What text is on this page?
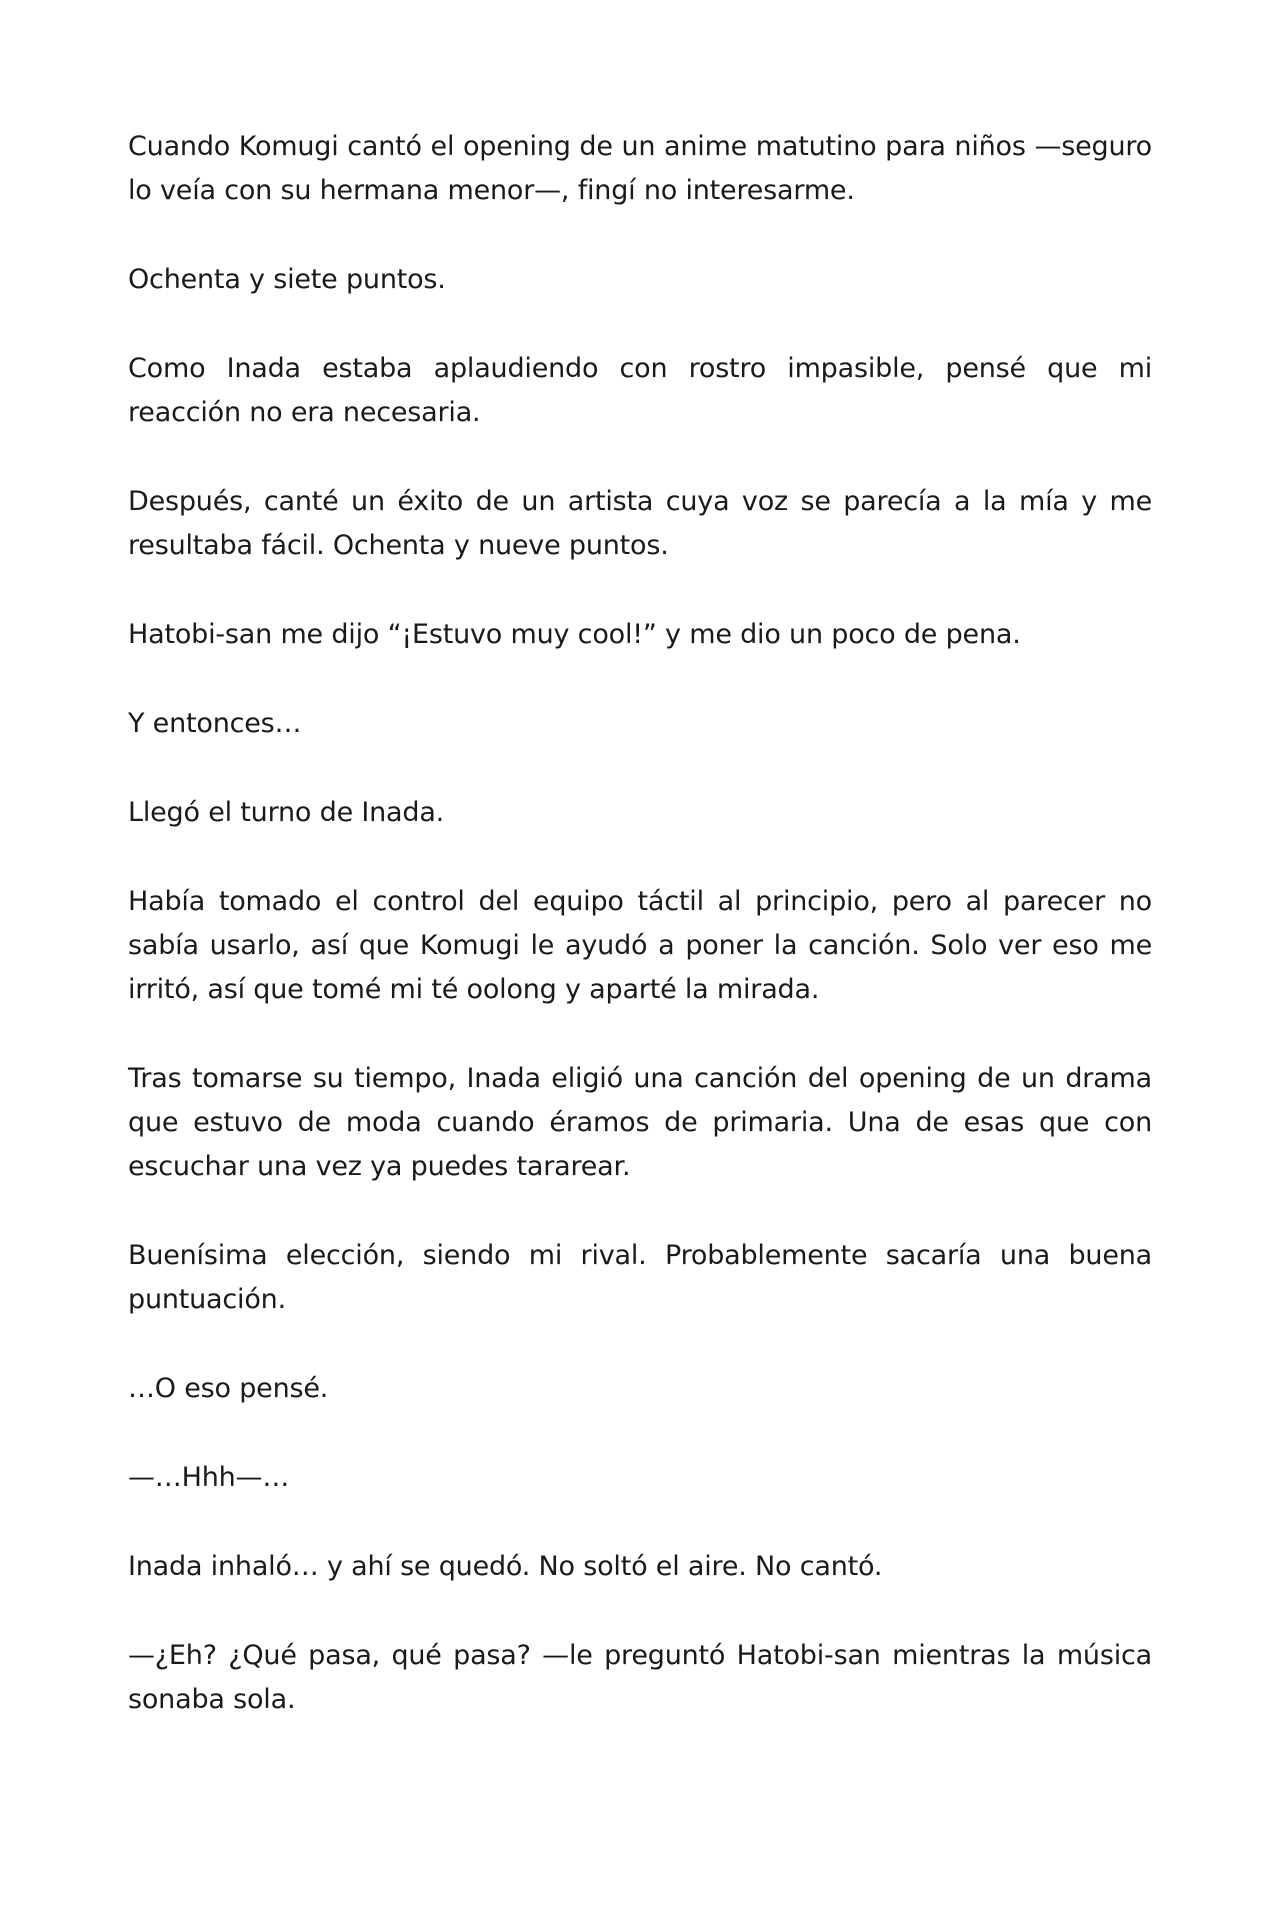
Cuando Komugi cantó el opening de un anime matutino para niños —seguro lo veía con su hermana menor—, fingí no interesarme.

Ochenta y siete puntos.

Como Inada estaba aplaudiendo con rostro impasible, pensé que mi reacción no era necesaria.

Después, canté un éxito de un artista cuya voz se parecía a la mía y me resultaba fácil. Ochenta y nueve puntos.

Hatobi-san me dijo “¡Estuvo muy cool!” y me dio un poco de pena.

Y entonces…

Llegó el turno de Inada.

Había tomado el control del equipo táctil al principio, pero al parecer no sabía usarlo, así que Komugi le ayudó a poner la canción. Solo ver eso me irritó, así que tomé mi té oolong y aparté la mirada.

Tras tomarse su tiempo, Inada eligió una canción del opening de un drama que estuvo de moda cuando éramos de primaria. Una de esas que con escuchar una vez ya puedes tararear.

Buenísima elección, siendo mi rival. Probablemente sacaría una buena puntuación.

…O eso pensé.

—…Hhh—…

Inada inhaló… y ahí se quedó. No soltó el aire. No cantó.

—¿Eh? ¿Qué pasa, qué pasa? —le preguntó Hatobi-san mientras la música sonaba sola.
